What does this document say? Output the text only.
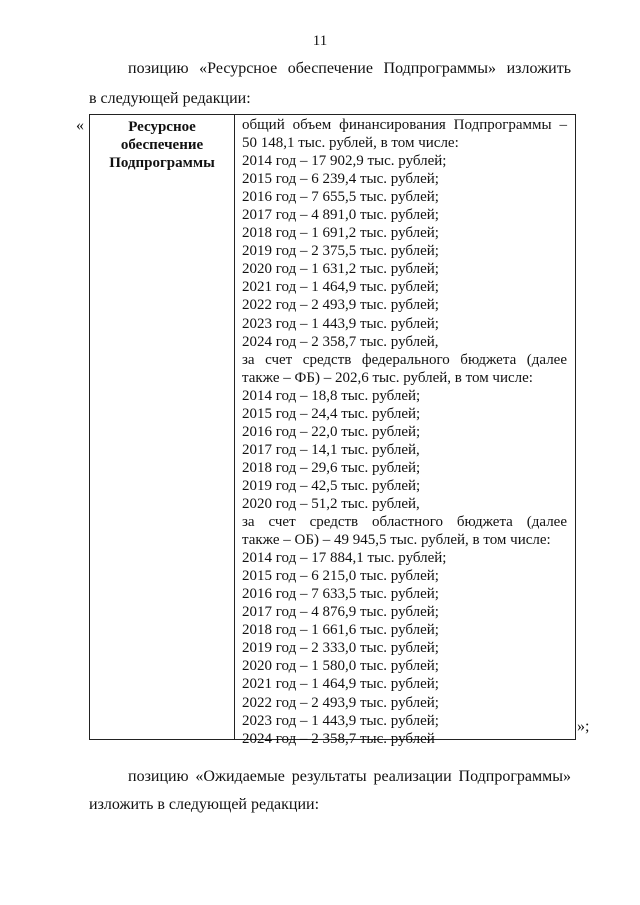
11
позицию «Ресурсное обеспечение Подпрограммы» изложить
в следующей редакции:
«	Ресурсное
обеспечение
Подпрограммы
общий объем финансирования Подпрограммы –
50 148,1 тыс. рублей, в том числе:
2014 год – 17 902,9 тыс. рублей;
2015 год – 6 239,4 тыс. рублей;
2016 год – 7 655,5 тыс. рублей;
2017 год – 4 891,0 тыс. рублей;
2018 год – 1 691,2 тыс. рублей;
2019 год – 2 375,5 тыс. рублей;
2020 год – 1 631,2 тыс. рублей;
2021 год – 1 464,9 тыс. рублей;
2022 год – 2 493,9 тыс. рублей;
2023 год – 1 443,9 тыс. рублей;
2024 год – 2 358,7 тыс. рублей,
за счет средств федерального бюджета (далее
также – ФБ) – 202,6 тыс. рублей, в том числе:
2014 год – 18,8 тыс. рублей;
2015 год – 24,4 тыс. рублей;
2016 год – 22,0 тыс. рублей;
2017 год – 14,1 тыс. рублей,
2018 год – 29,6 тыс. рублей;
2019 год – 42,5 тыс. рублей;
2020 год – 51,2 тыс. рублей,
за счет средств областного бюджета (далее
также – ОБ) – 49 945,5 тыс. рублей, в том числе:
2014 год – 17 884,1 тыс. рублей;
2015 год – 6 215,0 тыс. рублей;
2016 год – 7 633,5 тыс. рублей;
2017 год – 4 876,9 тыс. рублей;
2018 год – 1 661,6 тыс. рублей;
2019 год – 2 333,0 тыс. рублей;
2020 год – 1 580,0 тыс. рублей;
2021 год – 1 464,9 тыс. рублей;
2022 год – 2 493,9 тыс. рублей;
2023 год – 1 443,9 тыс. рублей;
2024 год – 2 358,7 тыс. рублей
»;
позицию «Ожидаемые результаты реализации Подпрограммы»
изложить в следующей редакции:
